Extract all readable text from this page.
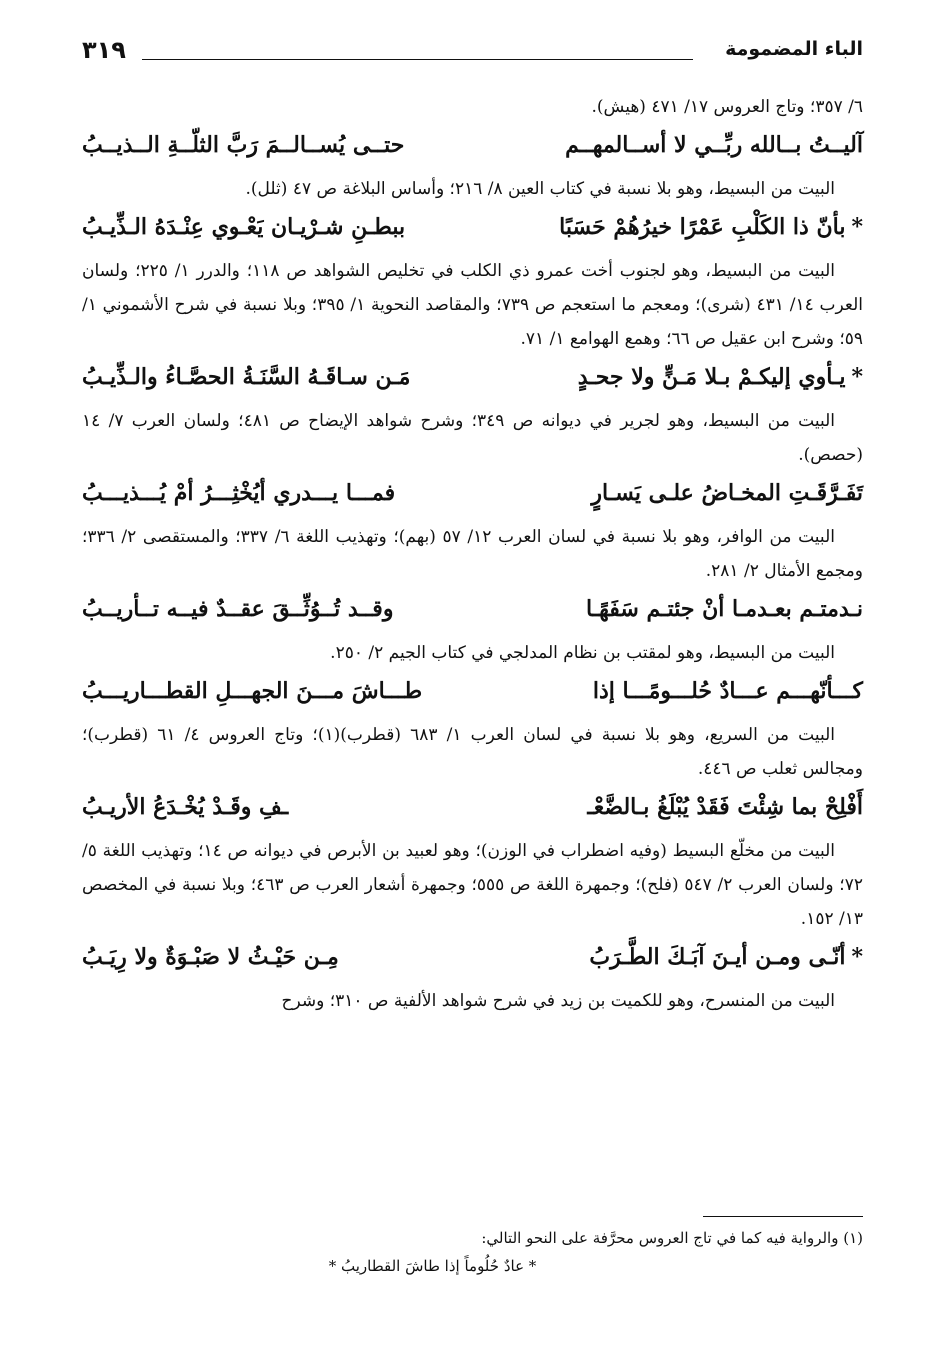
الباء المضمومة
٣١٩

٦/ ٣٥٧؛ وتاج العروس ١٧/ ٤٧١ (هيش).

آليــتُ بــالله ربِّــي لا أســالمهــم
حتــى يُســالــمَ رَبَّ الثلّــةِ الــذيــبُ

البيت من البسيط، وهو بلا نسبة في كتاب العين ٨/ ٢١٦؛ وأساس البلاغة ص ٤٧ (ثلل).

*بأنّ ذا الكَلْبِ عَمْرًا خيرُهُمْ حَسَبًا
ببطـنِ شـرْيـان يَعْـوي عِنْـدَهُ الـذِّيـبُ

البيت من البسيط، وهو لجنوب أخت عمرو ذي الكلب في تخليص الشواهد ص ١١٨؛ والدرر ١/ ٢٢٥؛ ولسان العرب ١٤/ ٤٣١ (شرى)؛ ومعجم ما استعجم ص ٧٣٩؛ والمقاصد النحوية ١/ ٣٩٥؛ وبلا نسبة في شرح الأشموني ١/ ٥٩؛ وشرح ابن عقيل ص ٦٦؛ وهمع الهوامع ١/ ٧١.

*يـأوي إليكـمْ بـلا مَـنٍّ ولا جحـدٍ
مَـن سـاقَـهُ السَّنَـةُ الحصَّـاءُ والـذِّيـبُ

البيت من البسيط، وهو لجرير في ديوانه ص ٣٤٩؛ وشرح شواهد الإيضاح ص ٤٨١؛ ولسان العرب ٧/ ١٤ (حصص).

تَفَـرَّقَـتِ المخـاضُ علـى يَسـارٍ
فمـــا يـــدري أيُخْثِـــرُ أمْ يُـــذيـــبُ

البيت من الوافر، وهو بلا نسبة في لسان العرب ١٢/ ٥٧ (بهم)؛ وتهذيب اللغة ٦/ ٣٣٧؛ والمستقصى ٢/ ٣٣٦؛ ومجمع الأمثال ٢/ ٢٨١.

نـدمتـم بعـدمـا أنْ جئتـم سَفَهًـا
وقــد تُــوُثِّــقَ عقــدٌ فيــه تــأريــبُ

البيت من البسيط، وهو لمقتب بن نظام المدلجي في كتاب الجيم ٢/ ٢٥٠.

كـــأنّهـــم عـــادٌ حُلـــومًـــا إذا
طـــاشَ مـــنَ الجهـــلِ القطـــاريـــبُ

البيت من السريع، وهو بلا نسبة في لسان العرب ١/ ٦٨٣ (قطرب)(١)؛ وتاج العروس ٤/ ٦١ (قطرب)؛ ومجالس ثعلب ص ٤٤٦.

أَفْلِحْ بما شِئْتَ فَقَدْ يُبْلَغُ بـالضَّعْـ
ـفِ وقَـدْ يُخْـدَعُ الأريـبُ

البيت من مخلّع البسيط (وفيه اضطراب في الوزن)؛ وهو لعبيد بن الأبرص في ديوانه ص ١٤؛ وتهذيب اللغة ٥/ ٧٢؛ ولسان العرب ٢/ ٥٤٧ (فلح)؛ وجمهرة اللغة ص ٥٥٥؛ وجمهرة أشعار العرب ص ٤٦٣؛ وبلا نسبة في المخصص ١٣/ ١٥٢.

*أنّـى ومـن أيـنَ آبَـكَ الطَّـرَبُ
مِـن حَيْـثُ لا صَبْـوَةٌ ولا رِيَـبُ

البيت من المنسرح، وهو للكميت بن زيد في شرح شواهد الألفية ص ٣١٠؛ وشرح

(١) والرواية فيه كما في تاج العروس محرَّفة على النحو التالي:
* عادٌ حُلُوماً إذا طاشَ القطاريبُ *
